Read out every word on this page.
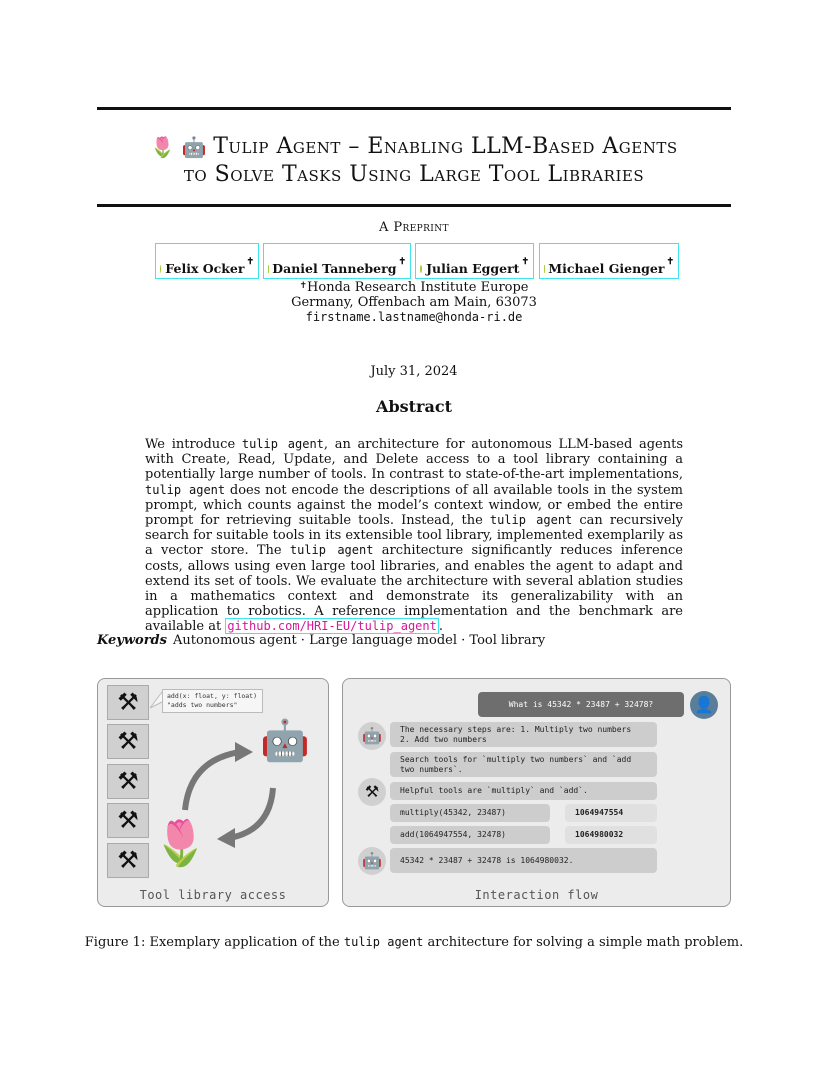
🌷 🤖 Tulip Agent – Enabling LLM-Based Agents
to Solve Tasks Using Large Tool Libraries
A Preprint
Felix Ocker ✝ Daniel Tanneberg ✝ Julian Eggert ✝ Michael Gienger ✝
✝Honda Research Institute Europe
Germany, Offenbach am Main, 63073
firstname.lastname@honda-ri.de
July 31, 2024
Abstract
We introduce tulip agent, an architecture for autonomous LLM-based agents with Create, Read, Update, and Delete access to a tool library containing a potentially large number of tools. In contrast to state-of-the-art implementations, tulip agent does not encode the descriptions of all available tools in the system prompt, which counts against the model’s context window, or embed the entire prompt for retrieving suitable tools. Instead, the tulip agent can recursively search for suitable tools in its extensible tool library, implemented exemplarily as a vector store. The tulip agent architecture significantly reduces inference costs, allows using even large tool libraries, and enables the agent to adapt and extend its set of tools. We evaluate the architecture with several ablation studies in a mathematics context and demonstrate its generalizability with an application to robotics. A reference implementation and the benchmark are available at github.com/HRI-EU/tulip_agent .
Keywords Autonomous agent · Large language model · Tool library
Tool library access
⚒
⚒
⚒
⚒
⚒
add(x: float, y: float)
"adds two numbers"
🤖
🌷
Interaction flow
What is 45342 * 23487 + 32478?	👤
🤖	The necessary steps are: 1. Multiply two numbers
2. Add two numbers
Search tools for `multiply two numbers` and `add
two numbers`.
⚒	Helpful tools are `multiply` and `add`.
multiply(45342, 23487)	1064947554
add(1064947554, 32478)	1064980032
🤖	45342 * 23487 + 32478 is 1064980032.
Figure 1: Exemplary application of the tulip agent architecture for solving a simple math problem.
